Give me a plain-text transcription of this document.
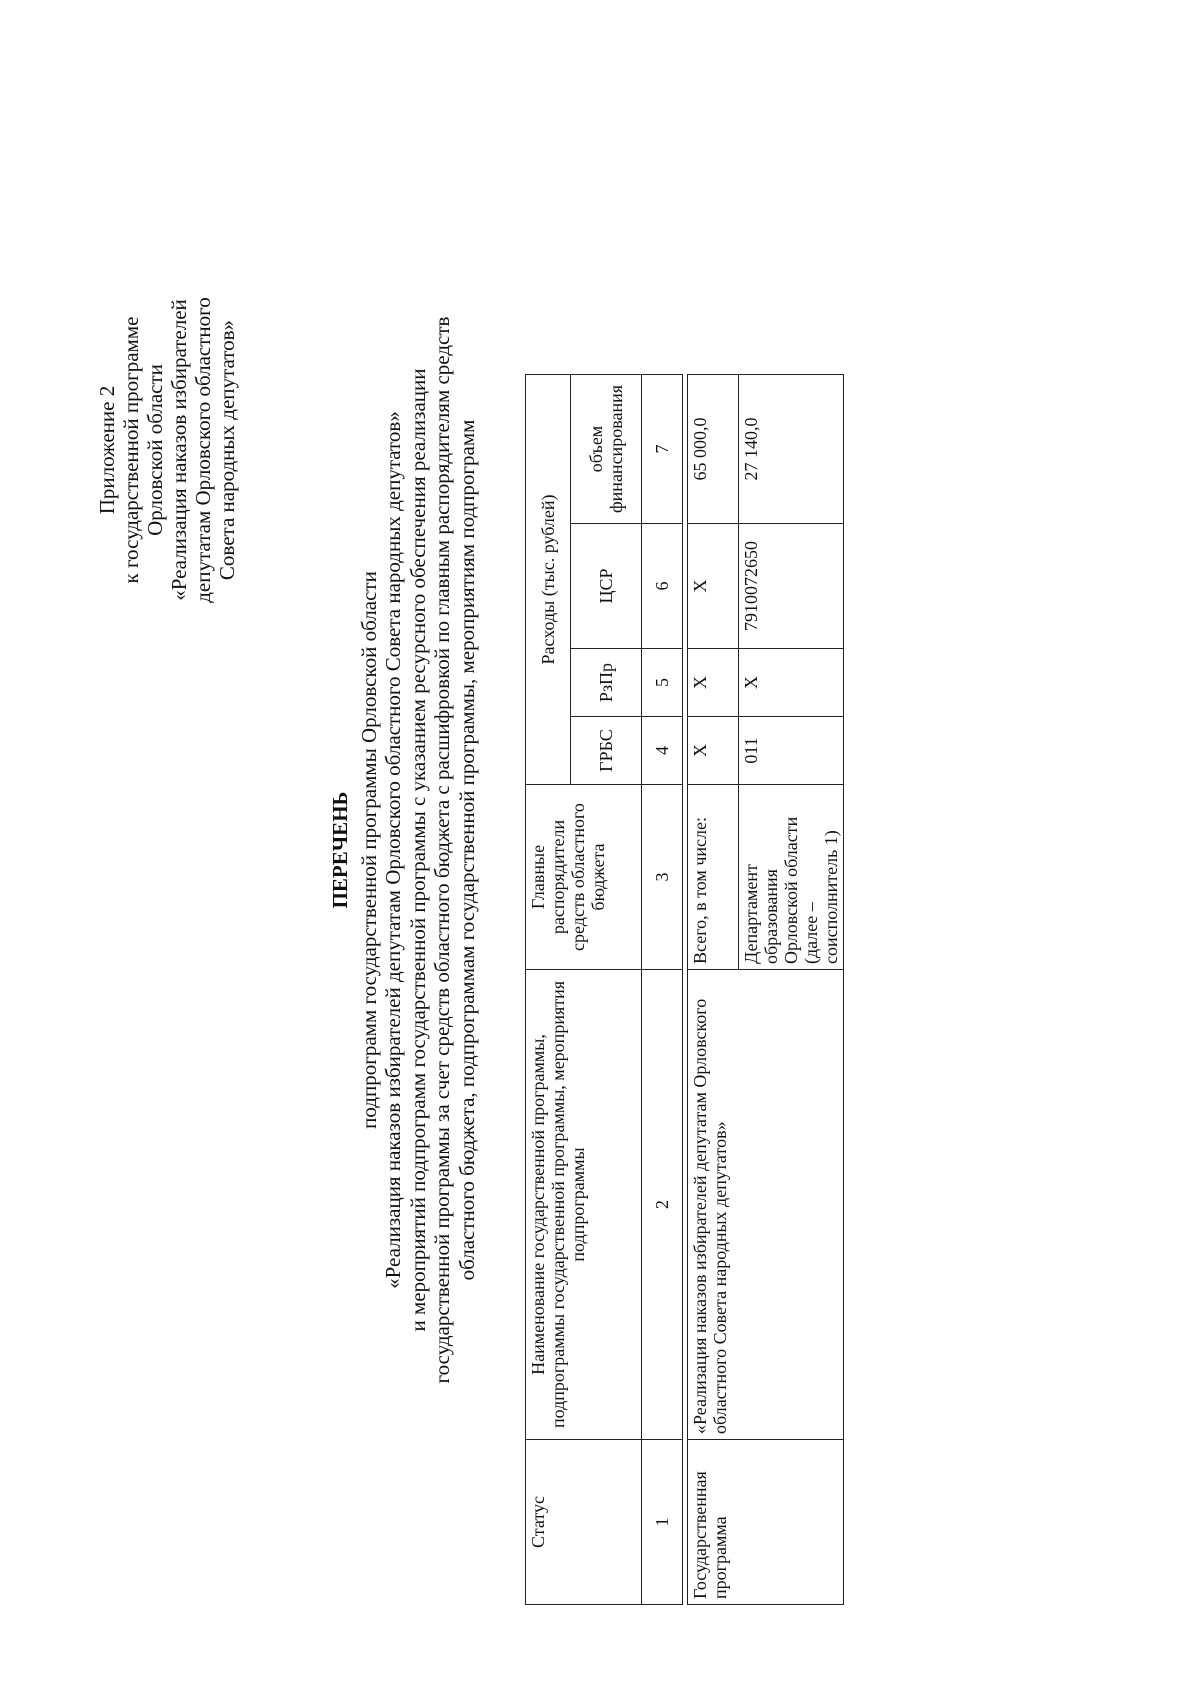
Приложение 2 к государственной программе Орловской области «Реализация наказов избирателей депутатам Орловского областного Совета народных депутатов»
ПЕРЕЧЕНЬ подпрограмм государственной программы Орловской области «Реализация наказов избирателей депутатам Орловского областного Совета народных депутатов» и мероприятий подпрограмм государственной программы с указанием ресурсного обеспечения реализации государственной программы за счет средств областного бюджета с расшифровкой по главным распорядителям средств областного бюджета, подпрограммам государственной программы, мероприятиям подпрограмм
Статус	Наименование государственной программы, подпрограммы государственной программы, мероприятия подпрограммы	Главные распорядители средств областного бюджета	Расходы (тыс. рублей)			
			ГРБС	РзПр	ЦСР	объем финансирования
1	2	3	4	5	6	7

Государственная программа	«Реализация наказов избирателей депутатам Орловского областного Совета народных депутатов»	Всего, в том числе:	X	X	X	65 000,0
		Департамент образования Орловской области (далее – соисполнитель 1)	011	X	7910072650	27 140,0
